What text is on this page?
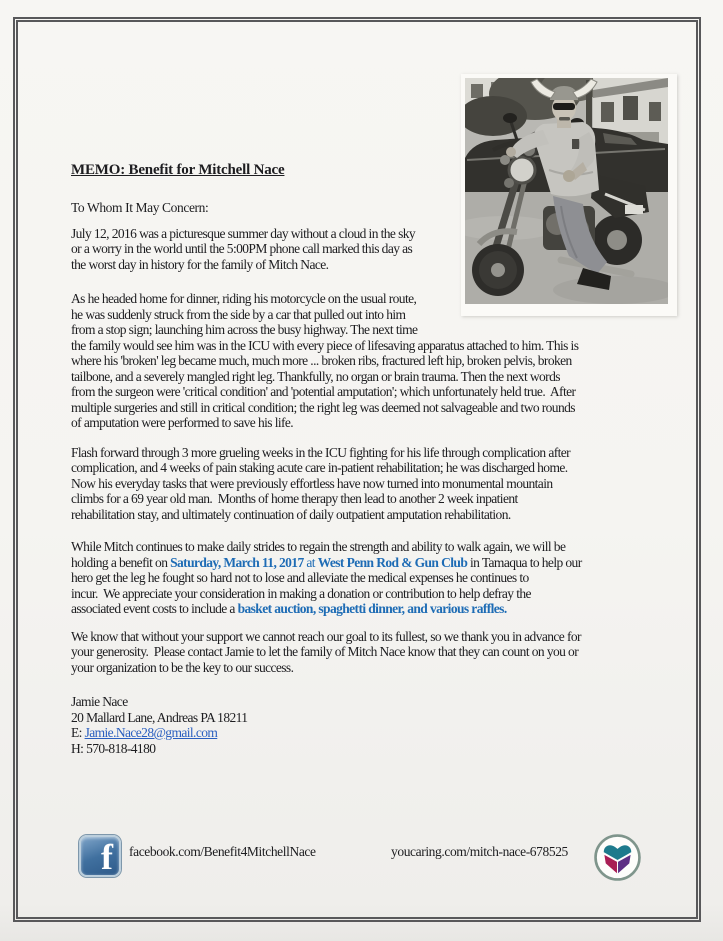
MEMO: Benefit for Mitchell Nace

To Whom It May Concern:

July 12, 2016 was a picturesque summer day without a cloud in the sky
or a worry in the world until the 5:00PM phone call marked this day as
the worst day in history for the family of Mitch Nace.
As he headed home for dinner, riding his motorcycle on the usual route,
he was suddenly struck from the side by a car that pulled out into him
from a stop sign; launching him across the busy highway. The next time
the family would see him was in the ICU with every piece of lifesaving apparatus attached to him. This is
where his 'broken' leg became much, much more ... broken ribs, fractured left hip, broken pelvis, broken
tailbone, and a severely mangled right leg. Thankfully, no organ or brain trauma. Then the next words
from the surgeon were 'critical condition' and 'potential amputation'; which unfortunately held true.  After
multiple surgeries and still in critical condition; the right leg was deemed not salvageable and two rounds
of amputation were performed to save his life.
Flash forward through 3 more grueling weeks in the ICU fighting for his life through complication after
complication, and 4 weeks of pain staking acute care in-patient rehabilitation; he was discharged home.
Now his everyday tasks that were previously effortless have now turned into monumental mountain
climbs for a 69 year old man.  Months of home therapy then lead to another 2 week inpatient
rehabilitation stay, and ultimately continuation of daily outpatient amputation rehabilitation.
While Mitch continues to make daily strides to regain the strength and ability to walk again, we will be
holding a benefit on Saturday, March 11, 2017 at West Penn Rod & Gun Club in Tamaqua to help our
hero get the leg he fought so hard not to lose and alleviate the medical expenses he continues to
incur.  We appreciate your consideration in making a donation or contribution to help defray the
associated event costs to include a basket auction, spaghetti dinner, and various raffles.
We know that without your support we cannot reach our goal to its fullest, so we thank you in advance for
your generosity.  Please contact Jamie to let the family of Mitch Nace know that they can count on you or
your organization to be the key to our success.
Jamie Nace
20 Mallard Lane, Andreas PA 18211
E: Jamie.Nace28@gmail.com
H: 570-818-4180
f facebook.com/Benefit4MitchellNace	youcaring.com/mitch-nace-678525
